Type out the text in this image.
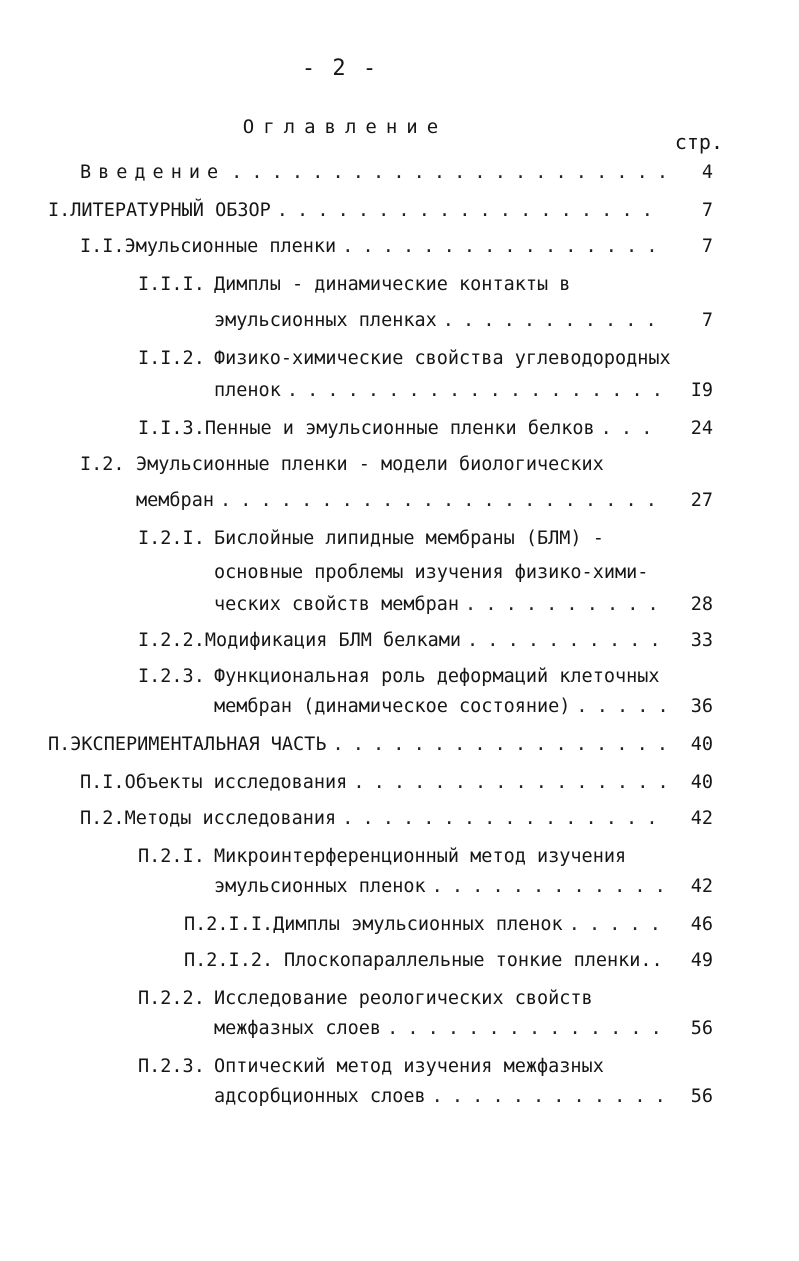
- 2 -
Оглавление
стр.
Введение . . .	4
I. ЛИТЕРАТУРНЫЙ ОБЗОР . . .	7
I.I. Эмульсионные пленки . . .	7
I.I.I. Димплы - динамические контакты в
эмульсионных пленках . . .	7
I.I.2. Физико-химические свойства углеводородных
пленок . . .	I9
I.I.3. Пенные и эмульсионные пленки белков . . .	24
I.2. Эмульсионные пленки - модели биологических
мембран . . .	27
I.2.I. Бислойные липидные мембраны (БЛМ) -
основные проблемы изучения физико-хими-
ческих свойств мембран . . .	28
I.2.2. Модификация БЛМ белками . . .	33
I.2.3. Функциональная роль деформаций клеточных
мембран (динамическое состояние) . . .	36
П. ЭКСПЕРИМЕНТАЛЬНАЯ ЧАСТЬ . . .	40
П.I. Объекты исследования . . .	40
П.2. Методы исследования . . .	42
П.2.I. Микроинтерференционный метод изучения
эмульсионных пленок . . .	42
П.2.I.I. Димплы эмульсионных пленок . . .	46
П.2.I.2. Плоскопараллельные тонкие пленки.. 49
П.2.2. Исследование реологических свойств
межфазных слоев . . .	56
П.2.3. Оптический метод изучения межфазных
адсорбционных слоев . . .	56
